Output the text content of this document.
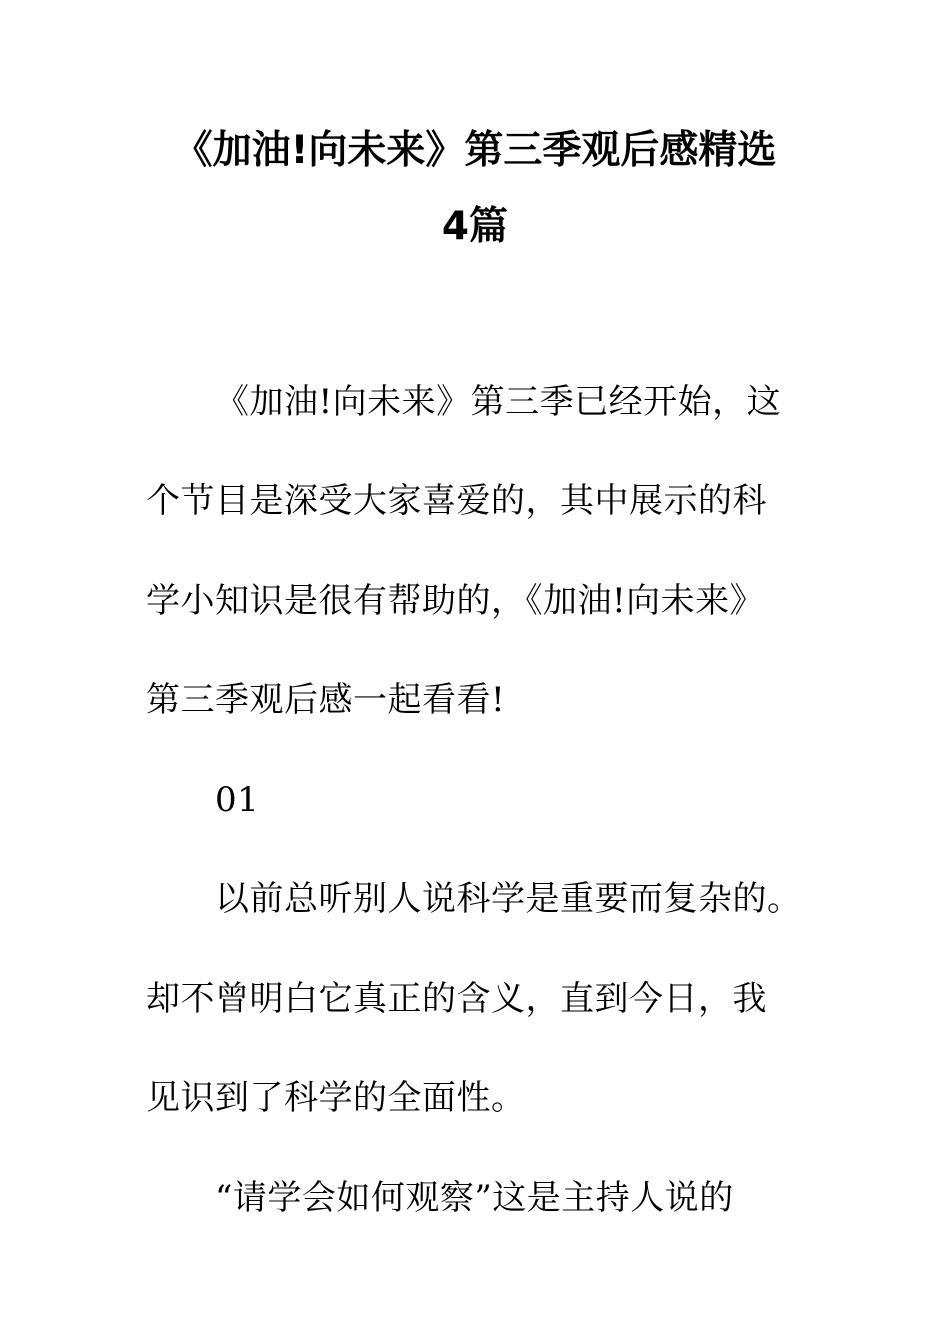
《加油!向未来》第三季观后感精选
4篇
《加油!向未来》第三季已经开始，这
个节目是深受大家喜爱的，其中展示的科
学小知识是很有帮助的，《加油!向未来》
第三季观后感一起看看!
01
以前总听别人说科学是重要而复杂的。
却不曾明白它真正的含义，直到今日，我
见识到了科学的全面性。
“请学会如何观察”这是主持人说的
